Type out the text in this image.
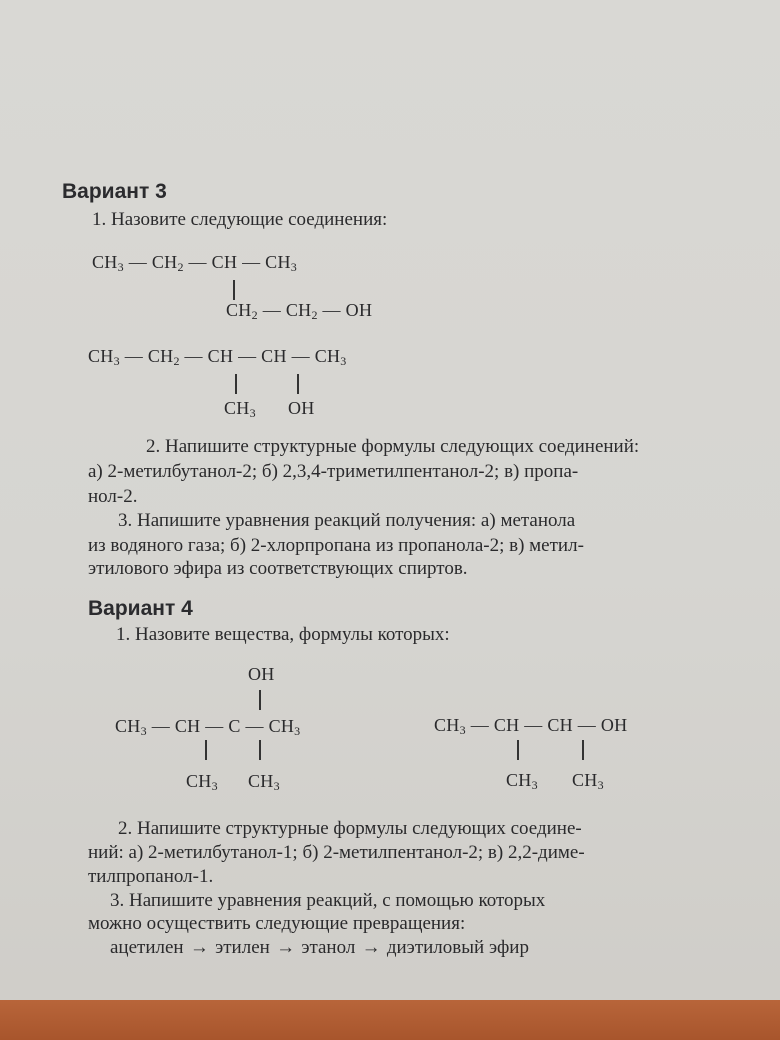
Вариант 3
1. Назовите следующие соединения:
$CH_3$ — $CH_2$ — CH — $CH_3$
$CH_2$ — $CH_2$ — OH
$CH_3$ — $CH_2$ — CH — CH — $CH_3$
$CH_3$ OH
2. Напишите структурные формулы следующих соединений:
а) 2-метилбутанол-2; б) 2,3,4-триметилпентанол-2; в) пропа-
нол-2.
3. Напишите уравнения реакций получения: а) метанола
из водяного газа; б) 2-хлорпропана из пропанола-2; в) метил-
этилового эфира из соответствующих спиртов.
Вариант 4
1. Назовите вещества, формулы которых:
OH
$CH_3$ — CH — C — $CH_3$
$CH_3$ $CH_3$
$CH_3$ — CH — CH — OH
$CH_3$ $CH_3$
2. Напишите структурные формулы следующих соедине-
ний: а) 2-метилбутанол-1; б) 2-метилпентанол-2; в) 2,2-диме-
тилпропанол-1.
3. Напишите уравнения реакций, с помощью которых
можно осуществить следующие превращения:
ацетилен → этилен → этанол → диэтиловый эфир
